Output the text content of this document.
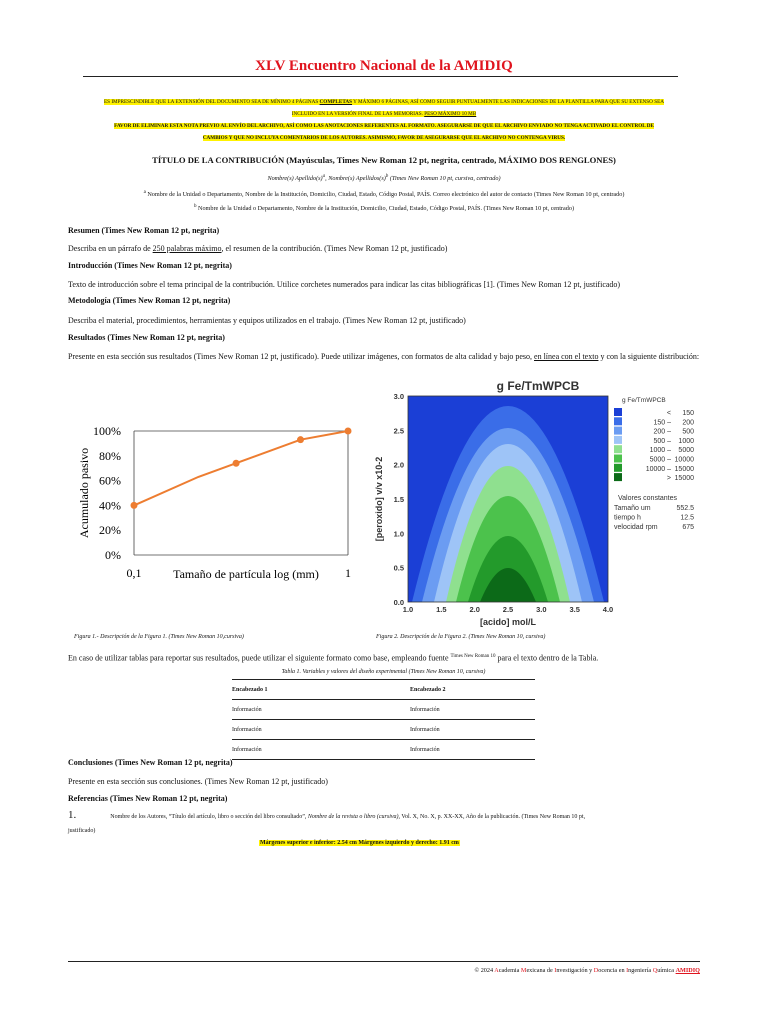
XLV Encuentro Nacional de la AMIDIQ
ES IMPRESCINDIBLE QUE LA EXTENSIÓN DEL DOCUMENTO SEA DE MÍNIMO 4 PÁGINAS COMPLETAS Y MÁXIMO 6 PÁGINAS, ASÍ COMO SEGUIR PUNTUALMENTE LAS INDICACIONES DE LA PLANTILLA PARA QUE SU EXTENSO SEA
INCLUIDO EN LA VERSIÓN FINAL DE LAS MEMORIAS. PESO MÁXIMO 10 MB
FAVOR DE ELIMINAR ESTA NOTA PREVIO AL ENVÍO DEL ARCHIVO, ASÍ COMO LAS ANOTACIONES REFERENTES AL FORMATO. ASEGURARSE DE QUE EL ARCHIVO ENVIADO NO TENGA ACTIVADO EL CONTROL DE
CAMBIOS Y QUE NO INCLUYA COMENTARIOS DE LOS AUTORES. ASIMISMO, FAVOR DE ASEGURARSE QUE EL ARCHIVO NO CONTENGA VIRUS.
TÍTULO DE LA CONTRIBUCIÓN (Mayúsculas, Times New Roman 12 pt, negrita, centrado, MÁXIMO DOS RENGLONES)
Nombre(s) $Apellido(s)^a$, Nombre(s) $Apellidos(s)^b$ (Times New Roman 10 pt, cursiva, centrado)
$^a$ Nombre de la Unidad o Departamento, Nombre de la Institución, Domicilio, Ciudad, Estado, Código Postal, PAÍS. Correo electrónico del autor de contacto (Times New Roman 10 pt, centrado)
$^b$ Nombre de la Unidad o Departamento, Nombre de la Institución, Domicilio, Ciudad, Estado, Código Postal, PAÍS. (Times New Roman 10 pt, centrado)
Resumen (Times New Roman 12 pt, negrita)
Describa en un párrafo de 250 palabras máximo, el resumen de la contribución. (Times New Roman 12 pt, justificado)
Introducción (Times New Roman 12 pt, negrita)
Texto de introducción sobre el tema principal de la contribución. Utilice corchetes numerados para indicar las citas bibliográficas [1]. (Times New Roman 12 pt, justificado)
Metodología (Times New Roman 12 pt, negrita)
Describa el material, procedimientos, herramientas y equipos utilizados en el trabajo. (Times New Roman 12 pt, justificado)
Resultados (Times New Roman 12 pt, negrita)
Presente en esta sección sus resultados (Times New Roman 12 pt, justificado). Puede utilizar imágenes, con formatos de alta calidad y bajo peso, en línea con el texto y con la siguiente distribución:
0%
20%
40%
60%
80%
100%
0,1	1
Tamaño de partícula log (mm)
Acumulado pasivo
Figura 1.- Descripción de la Figura 1. (Times New Roman 10,cursiva)
g Fe/TmWPCB
1.0	1.5	2.0	2.5	3.0	3.5	4.0
0.0
0.5
1.0
1.5
2.0
2.5
3.0
[acido] mol/L
[peroxido] v/v x10-2
g Fe/TmWPCB
< 150
150 – 200
200 – 500
500 – 1000
1000 – 5000
5000 – 10000
10000 – 15000
> 15000
Valores constantes
Tamaño um	552.5
tiempo h	12.5
velocidad rpm	675
Figura 2. Descripción de la Figura 2. (Times New Roman 10, cursiva)
En caso de utilizar tablas para reportar sus resultados, puede utilizar el siguiente formato como base, empleando fuente $^{Times New Roman 10}$ para el texto dentro de la Tabla.
Tabla 1. Variables y valores del diseño experimental (Times New Roman 10, cursiva)
Encabezado 1	Encabezado 2
Información	Información
Información	Información
Información	Información
Conclusiones (Times New Roman 12 pt, negrita)
Presente en esta sección sus conclusiones. (Times New Roman 12 pt, justificado)
Referencias (Times New Roman 12 pt, negrita)
1.	Nombre de los Autores, “Título del artículo, libro o sección del libro consultado”, Nombre de la revista o libro (cursiva), Vol. X, No. X, p. XX-XX, Año de la publicación. (Times New Roman 10 pt,
justificado)
Márgenes superior e inferior: 2.54 cm Márgenes izquierdo y derecho: 1.91 cm
© 2024 Academia Mexicana de Investigación y Docencia en Ingeniería Química AMIDIQ
